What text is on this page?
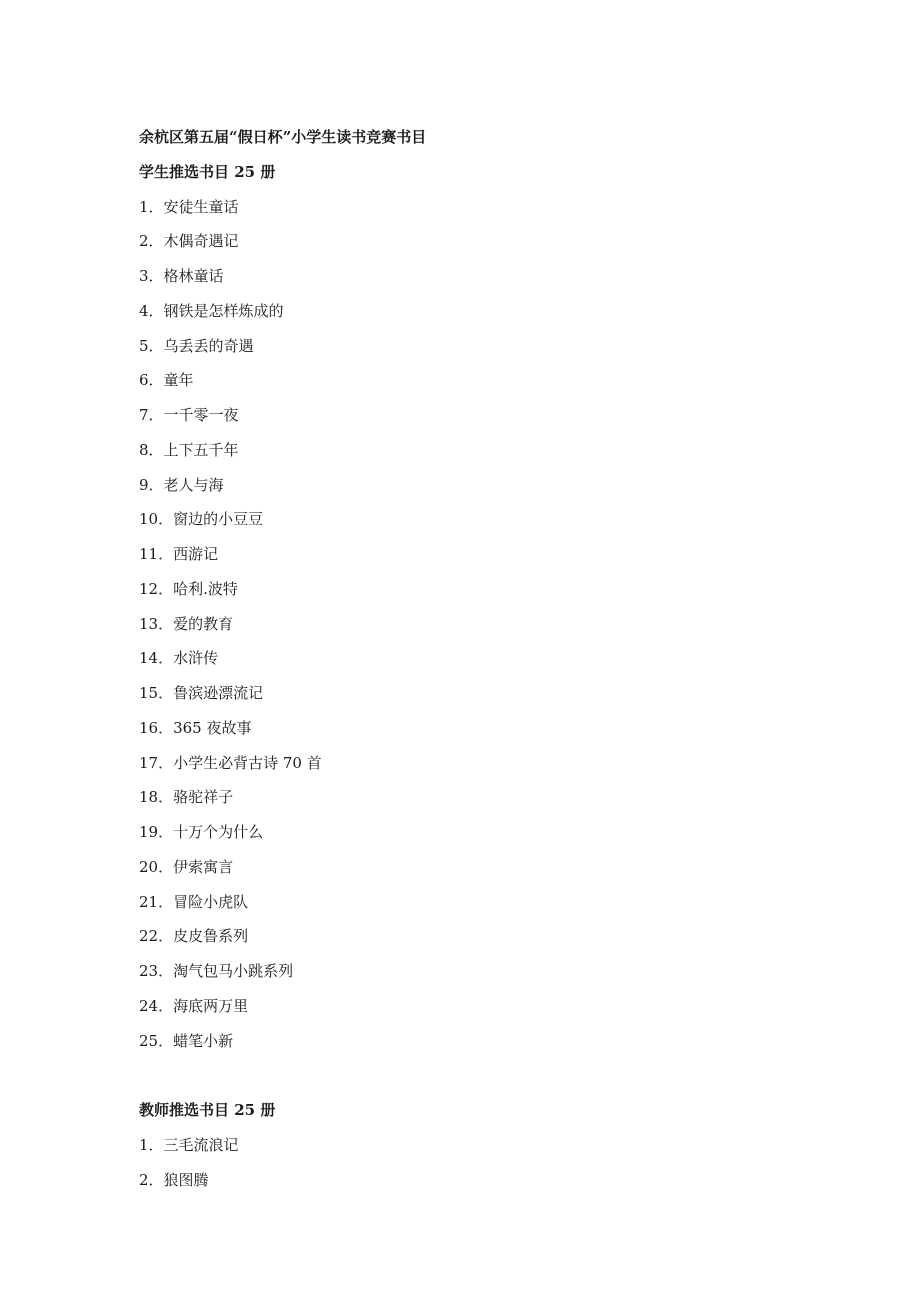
余杭区第五届“假日杯”小学生读书竞赛书目
学生推选书目 25 册
1．安徒生童话
2．木偶奇遇记
3．格林童话
4．钢铁是怎样炼成的
5．乌丢丢的奇遇
6．童年
7．一千零一夜
8．上下五千年
9．老人与海
10．窗边的小豆豆
11．西游记
12．哈利.波特
13．爱的教育
14．水浒传
15．鲁滨逊漂流记
16．365 夜故事
17．小学生必背古诗 70 首
18．骆驼祥子
19．十万个为什么
20．伊索寓言
21．冒险小虎队
22．皮皮鲁系列
23．淘气包马小跳系列
24．海底两万里
25．蜡笔小新
教师推选书目 25 册
1．三毛流浪记
2．狼图腾
